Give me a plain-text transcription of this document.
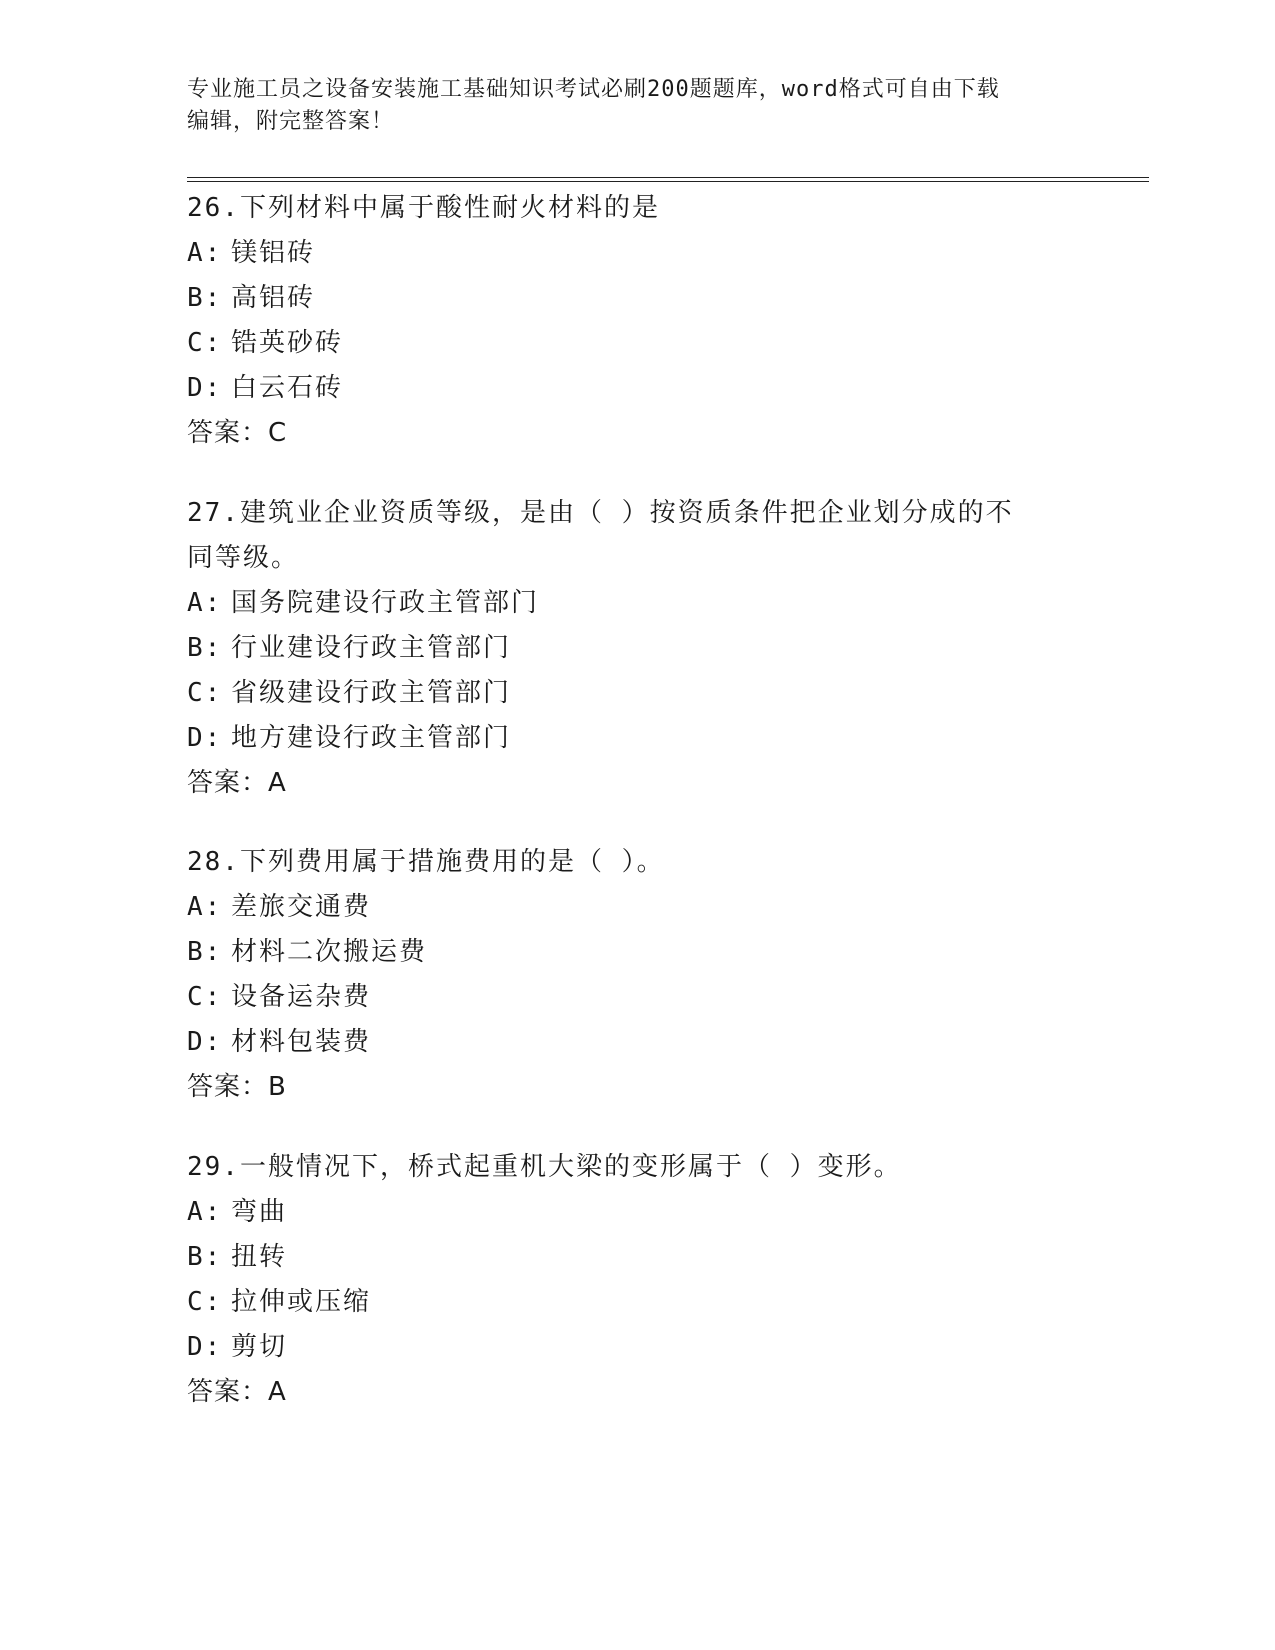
专业施工员之设备安装施工基础知识考试必刷200题题库，word格式可自由下载
编辑，附完整答案！
26.下列材料中属于酸性耐火材料的是
A: 镁铝砖
B: 高铝砖
C: 锆英砂砖
D: 白云石砖
答案：C
27.建筑业企业资质等级，是由（ ）按资质条件把企业划分成的不同等级。
A: 国务院建设行政主管部门
B: 行业建设行政主管部门
C: 省级建设行政主管部门
D: 地方建设行政主管部门
答案：A
28.下列费用属于措施费用的是（ ）。
A: 差旅交通费
B: 材料二次搬运费
C: 设备运杂费
D: 材料包装费
答案：B
29.一般情况下，桥式起重机大梁的变形属于（ ）变形。
A: 弯曲
B: 扭转
C: 拉伸或压缩
D: 剪切
答案：A
